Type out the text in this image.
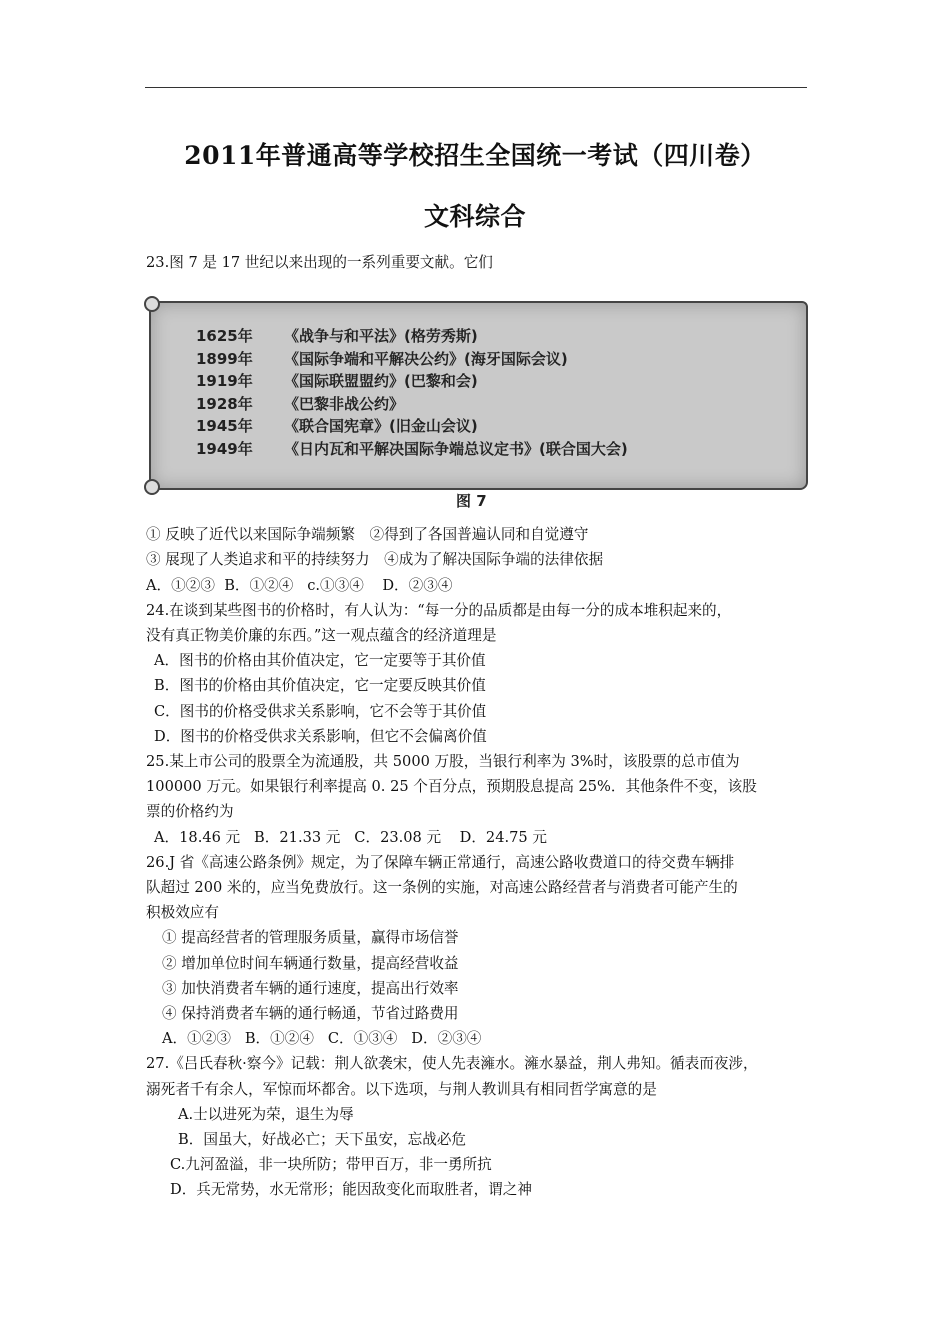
2011年普通高等学校招生全国统一考试（四川卷）
文科综合

23.图 7 是 17 世纪以来出现的一系列重要文献。它们

1625年	《战争与和平法》(格劳秀斯)
1899年	《国际争端和平解决公约》(海牙国际会议)
1919年	《国际联盟盟约》(巴黎和会)
1928年	《巴黎非战公约》
1945年	《联合国宪章》(旧金山会议)
1949年	《日内瓦和平解决国际争端总议定书》(联合国大会)
图 7

① 反映了近代以来国际争端频繁　②得到了各国普遍认同和自觉遵守

③ 展现了人类追求和平的持续努力　④成为了解决国际争端的法律依据

A．①②③  B．①②④   c.①③④    D．②③④

24.在谈到某些图书的价格时，有人认为：“每一分的品质都是由每一分的成本堆积起来的，

没有真正物美价廉的东西。”这一观点蕴含的经济道理是

A．图书的价格由其价值决定，它一定要等于其价值

B．图书的价格由其价值决定，它一定要反映其价值

C．图书的价格受供求关系影响，它不会等于其价值

D．图书的价格受供求关系影响，但它不会偏离价值

25.某上市公司的股票全为流通股，共 5000 万股，当银行利率为 3%时，该股票的总市值为

100000 万元。如果银行利率提高 0. 25 个百分点，预期股息提高 25%．其他条件不变，该股

票的价格约为

A．18.46 元   B．21.33 元   C．23.08 元    D．24.75 元

26.J 省《高速公路条例》规定，为了保障车辆正常通行，高速公路收费道口的待交费车辆排

队超过 200 米的，应当免费放行。这一条例的实施，对高速公路经营者与消费者可能产生的

积极效应有

① 提高经营者的管理服务质量，赢得市场信誉

② 增加单位时间车辆通行数量，提高经营收益

③ 加快消费者车辆的通行速度，提高出行效率

④ 保持消费者车辆的通行畅通，节省过路费用

A．①②③   B．①②④   C．①③④   D．②③④

27.《吕氏春秋·察今》记载：荆人欲袭宋，使人先表澭水。澭水暴益，荆人弗知。循表而夜涉，

溺死者千有余人，军惊而坏都舍。以下选项，与荆人教训具有相同哲学寓意的是

A.士以进死为荣，退生为辱

B．国虽大，好战必亡；天下虽安，忘战必危

C.九河盈溢，非一块所防；带甲百万，非一勇所抗

D．兵无常势，水无常形；能因敌变化而取胜者，谓之神
